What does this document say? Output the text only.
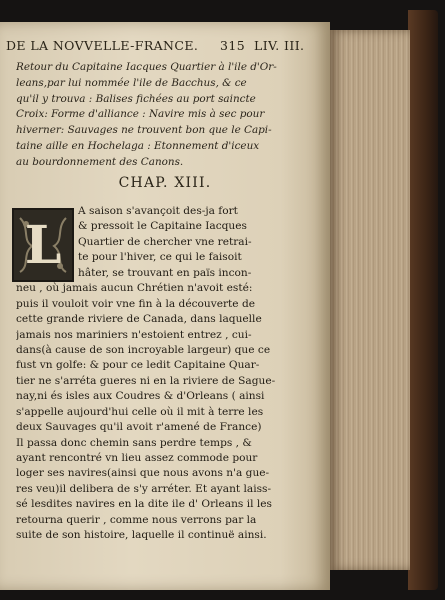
DE LA NOVVELLE-FRANCE. 315 LIV. III.
Retour du Capitaine Iacques Quartier à l'ile d'Or-
leans,par lui nommée l'ile de Bacchus, & ce
qu'il y trouva : Balises fichées au port saincte
Croix: Forme d'alliance : Navire mis à sec pour
hiverner: Sauvages ne trouvent bon que le Capi-
taine aille en Hochelaga : Etonnement d'iceux
au bourdonnement des Canons.
CHAP. XIII.
L
A saison s'avançoit des-ja fort
& pressoit le Capitaine Iacques
Quartier de chercher vne retrai-
te pour l'hiver, ce qui le faisoit
hâter, se trouvant en païs incon-
neu , où jamais aucun Chrétien n'avoit esté:
puis il vouloit voir vne fin à la découverte de
cette grande riviere de Canada, dans laquelle
jamais nos mariniers n'estoient entrez , cui-
dans(à cause de son incroyable largeur) que ce
fust vn golfe: & pour ce ledit Capitaine Quar-
tier ne s'arréta gueres ni en la riviere de Sague-
nay,ni és isles aux Coudres & d'Orleans ( ainsi
s'appelle aujourd'hui celle où il mit à terre les
deux Sauvages qu'il avoit r'amené de France)
Il passa donc chemin sans perdre temps , &
ayant rencontré vn lieu assez commode pour
loger ses navires(ainsi que nous avons n'a gue-
res veu)il delibera de s'y arréter. Et ayant laiss-
sé lesdites navires en la dite ile d' Orleans il les
retourna querir , comme nous verrons par la
suite de son histoire, laquelle il continuë ainsi.
